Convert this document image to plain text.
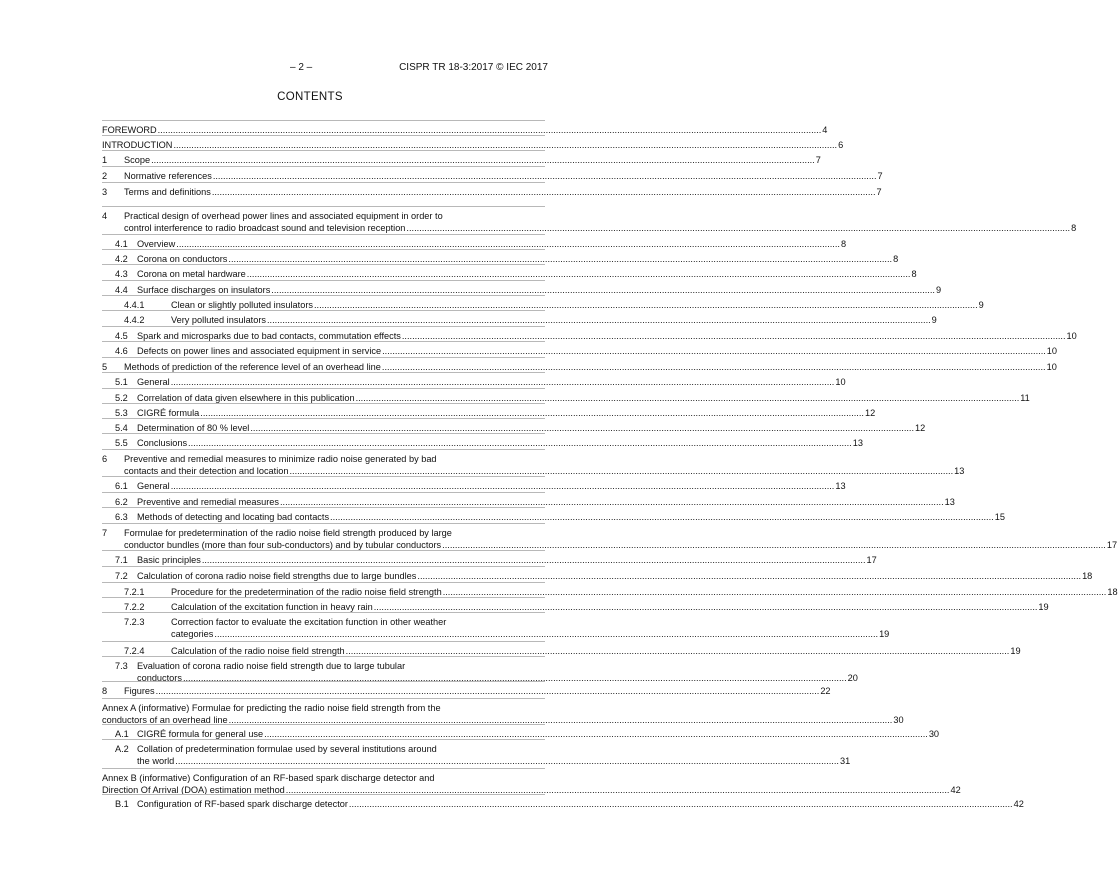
– 2 –	CISPR TR 18-3:2017 © IEC 2017
CONTENTS
FOREWORD .................................................................................................................................................................................................................................................................... 4
INTRODUCTION .................................................................................................................................................................................................................................................................... 6
1 Scope .................................................................................................................................................................................................................................................................... 7
2 Normative references .................................................................................................................................................................................................................................................................... 7
3 Terms and definitions .................................................................................................................................................................................................................................................................... 7
4 Practical design of overhead power lines and associated equipment in order to
control interference to radio broadcast sound and television reception .................................................................................................................................................................................................................................................................... 8
4.1 Overview .................................................................................................................................................................................................................................................................... 8
4.2 Corona on conductors .................................................................................................................................................................................................................................................................... 8
4.3 Corona on metal hardware .................................................................................................................................................................................................................................................................... 8
4.4 Surface discharges on insulators .................................................................................................................................................................................................................................................................... 9
4.4.1	Clean or slightly polluted insulators .................................................................................................................................................................................................................................................................... 9
4.4.2	Very polluted insulators .................................................................................................................................................................................................................................................................... 9
4.5 Spark and microsparks due to bad contacts, commutation effects .................................................................................................................................................................................................................................................................... 10
4.6 Defects on power lines and associated equipment in service .................................................................................................................................................................................................................................................................... 10
5 Methods of prediction of the reference level of an overhead line .................................................................................................................................................................................................................................................................... 10
5.1 General .................................................................................................................................................................................................................................................................... 10
5.2 Correlation of data given elsewhere in this publication .................................................................................................................................................................................................................................................................... 11
5.3 CIGRÉ formula .................................................................................................................................................................................................................................................................... 12
5.4 Determination of 80 % level .................................................................................................................................................................................................................................................................... 12
5.5 Conclusions .................................................................................................................................................................................................................................................................... 13
6 Preventive and remedial measures to minimize radio noise generated by bad
contacts and their detection and location .................................................................................................................................................................................................................................................................... 13
6.1 General .................................................................................................................................................................................................................................................................... 13
6.2 Preventive and remedial measures .................................................................................................................................................................................................................................................................... 13
6.3 Methods of detecting and locating bad contacts .................................................................................................................................................................................................................................................................... 15
7 Formulae for predetermination of the radio noise field strength produced by large
conductor bundles (more than four sub-conductors) and by tubular conductors .................................................................................................................................................................................................................................................................... 17
7.1 Basic principles .................................................................................................................................................................................................................................................................... 17
7.2 Calculation of corona radio noise field strengths due to large bundles .................................................................................................................................................................................................................................................................... 18
7.2.1	Procedure for the predetermination of the radio noise field strength .................................................................................................................................................................................................................................................................... 18
7.2.2	Calculation of the excitation function in heavy rain .................................................................................................................................................................................................................................................................... 19
7.2.3	Correction factor to evaluate the excitation function in other weather
categories .................................................................................................................................................................................................................................................................... 19
7.2.4	Calculation of the radio noise field strength .................................................................................................................................................................................................................................................................... 19
7.3 Evaluation of corona radio noise field strength due to large tubular
conductors .................................................................................................................................................................................................................................................................... 20
8 Figures .................................................................................................................................................................................................................................................................... 22
Annex A (informative) Formulae for predicting the radio noise field strength from the
conductors of an overhead line .................................................................................................................................................................................................................................................................... 30
A.1 CIGRÉ formula for general use .................................................................................................................................................................................................................................................................... 30
A.2 Collation of predetermination formulae used by several institutions around
the world .................................................................................................................................................................................................................................................................... 31
Annex B (informative) Configuration of an RF-based spark discharge detector and
Direction Of Arrival (DOA) estimation method .................................................................................................................................................................................................................................................................... 42
B.1 Configuration of RF-based spark discharge detector .................................................................................................................................................................................................................................................................... 42
